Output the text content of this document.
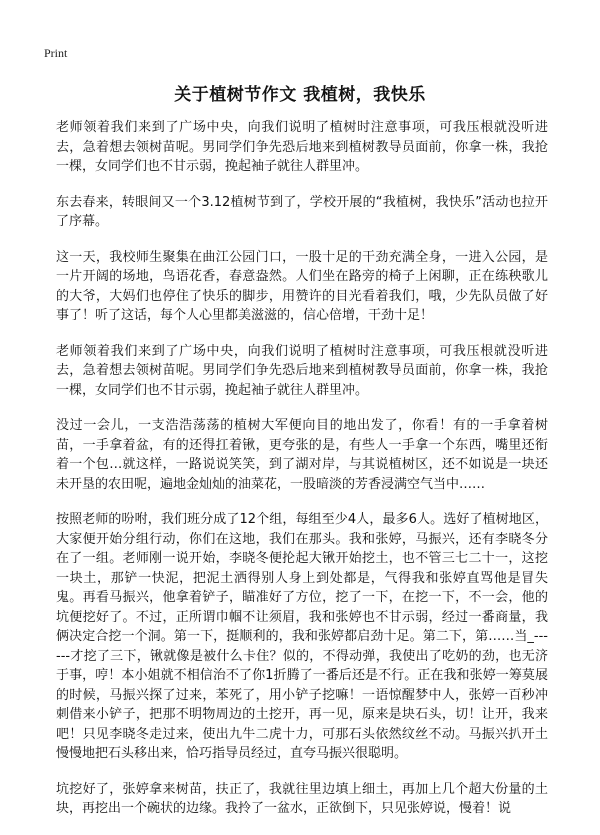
Print
关于植树节作文 我植树，我快乐

老师领着我们来到了广场中央，向我们说明了植树时注意事项，可我压根就没听进去，急着想去领树苗呢。男同学们争先恐后地来到植树教导员面前，你拿一株，我抢一棵，女同学们也不甘示弱，挽起袖子就往人群里冲。

东去春来，转眼间又一个3.12植树节到了，学校开展的“我植树，我快乐”活动也拉开了序幕。

这一天，我校师生聚集在曲江公园门口，一股十足的干劲充满全身，一进入公园，是一片开阔的场地，鸟语花香，春意盎然。人们坐在路旁的椅子上闲聊，正在练秧歌儿的大爷，大妈们也停住了快乐的脚步，用赞许的目光看着我们，哦，少先队员做了好事了！听了这话，每个人心里都美滋滋的，信心倍增，干劲十足！

老师领着我们来到了广场中央，向我们说明了植树时注意事项，可我压根就没听进去，急着想去领树苗呢。男同学们争先恐后地来到植树教导员面前，你拿一株，我抢一棵，女同学们也不甘示弱，挽起袖子就往人群里冲。

没过一会儿，一支浩浩荡荡的植树大军便向目的地出发了，你看！有的一手拿着树苗，一手拿着盆，有的还得扛着锹，更夸张的是，有些人一手拿一个东西，嘴里还衔着一个包…就这样，一路说说笑笑，到了湖对岸，与其说植树区，还不如说是一块还未开垦的农田呢，遍地金灿灿的油菜花，一股暗淡的芳香浸满空气当中……

按照老师的吩咐，我们班分成了12个组，每组至少4人，最多6人。选好了植树地区，大家便开始分组行动，你们在这地，我们在那头。我和张婷，马振兴，还有李晓冬分在了一组。老师刚一说开始，李晓冬便抡起大锹开始挖土，也不管三七二十一，这挖一块土，那铲一快泥，把泥土洒得别人身上到处都是，气得我和张婷直骂他是冒失鬼。再看马振兴，他拿着铲子，瞄准好了方位，挖了一下，在挖一下，不一会，他的坑便挖好了。不过，正所谓巾帼不让须眉，我和张婷也不甘示弱，经过一番商量，我俩决定合挖一个洞。第一下，挺顺利的，我和张婷都启劲十足。第二下，第……当_------才挖了三下，锹就像是被什么卡住？似的，不得动弹，我使出了吃奶的劲，也无济于事，哼！本小姐就不相信治不了你1折腾了一番后还是不行。正在我和张婷一筹莫展的时候，马振兴探了过来，苯死了，用小铲子挖嘛！一语惊醒梦中人，张婷一百秒冲刺借来小铲子，把那不明物周边的土挖开，再一见，原来是块石头，切！让开，我来吧！只见李晓冬走过来，使出九牛二虎十力，可那石头依然纹丝不动。马振兴扒开土慢慢地把石头移出来，恰巧指导员经过，直夸马振兴很聪明。

坑挖好了，张婷拿来树苗，扶正了，我就往里边填上细土，再加上几个超大份量的土块，再挖出一个碗状的边缘。我拎了一盆水，正欲倒下，只见张婷说，慢着！说
